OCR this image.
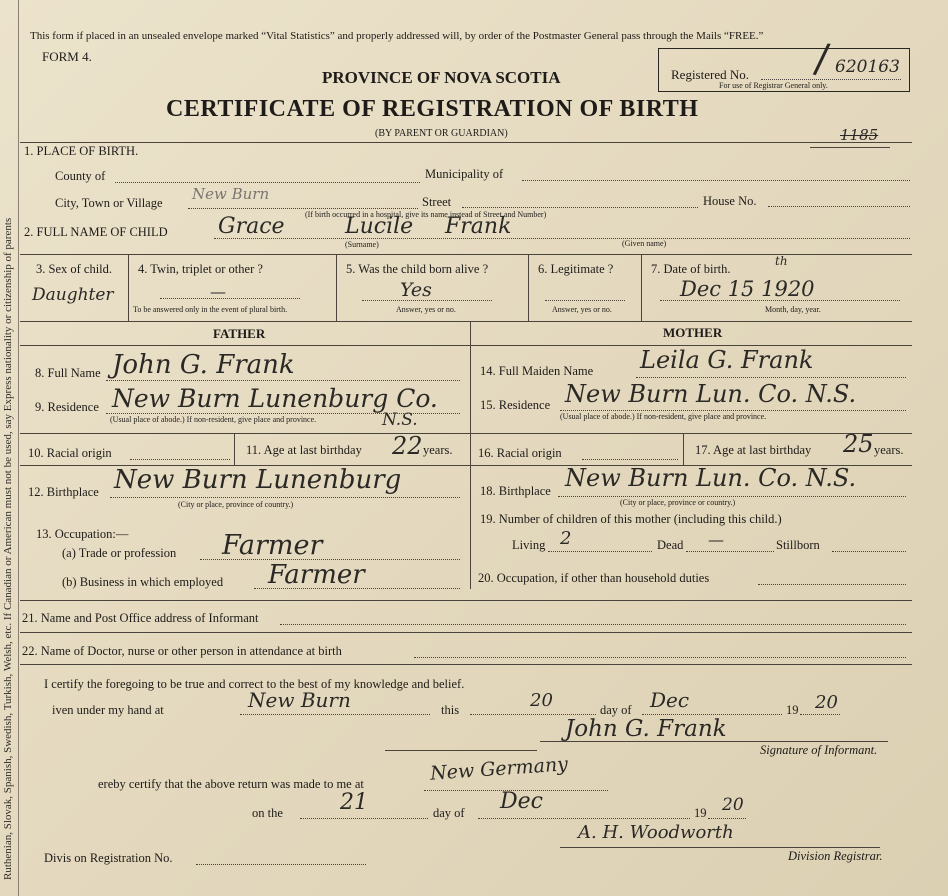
Ruthenian, Slovak, Spanish, Swedish, Turkish, Welsh, etc. If Canadian or American must not be used, say Express nationality or citizenship of parents
This form if placed in an unsealed envelope marked “Vital Statistics” and properly addressed will, by order of the Postmaster General pass through the Mails “FREE.”
FORM 4.
PROVINCE OF NOVA SCOTIA
CERTIFICATE OF REGISTRATION OF BIRTH
(BY PARENT OR GUARDIAN)
Registered No.	620163
For use of Registrar General only.
/
1185
1. PLACE OF BIRTH.
County of	Municipality of
City, Town or Village New Burn	Street
(If birth occurred in a hospital, give its name instead of Street and Number)
House No.
2. FULL NAME OF CHILD Grace	Lucile Frank
(Surname)	(Given name)
3. Sex of child.
Daughter
4. Twin, triplet or other ?
—
To be answered only in the event of plural birth.
5. Was the child born alive ?
Yes
Answer, yes or no.
6. Legitimate ?
Answer, yes or no.
7. Date of birth.
th
Dec 15 1920
Month, day, year.
FATHER	MOTHER
8. Full Name John G. Frank
9. Residence New Burn Lunenburg Co.
N.S.
(Usual place of abode.) If non-resident, give place and province.
10. Racial origin	11. Age at last birthday 22 years.
12. Birthplace New Burn Lunenburg
(City or place, province of country.)
13. Occupation:—
(a) Trade or profession Farmer
(b) Business in which employed Farmer
14. Full Maiden Name Leila G. Frank
15. Residence New Burn Lun. Co. N.S.
(Usual place of abode.) If non-resident, give place and province.
16. Racial origin	17. Age at last birthday 25 years.
18. Birthplace New Burn Lun. Co. N.S.
(City or place, province or country.)
19. Number of children of this mother (including this child.)
Living 2	Dead —	Stillborn
20. Occupation, if other than household duties
21. Name and Post Office address of Informant
22. Name of Doctor, nurse or other person in attendance at birth
I certify the foregoing to be true and correct to the best of my knowledge and belief.
iven under my hand at	New Burn	this	20	day of Dec	19 20
John G. Frank
Signature of Informant.
ereby certify that the above return was made to me at	New Germany
on the	21	day of Dec	19 20
A. H. Woodworth
Division Registrar.
Divis on Registration No.
